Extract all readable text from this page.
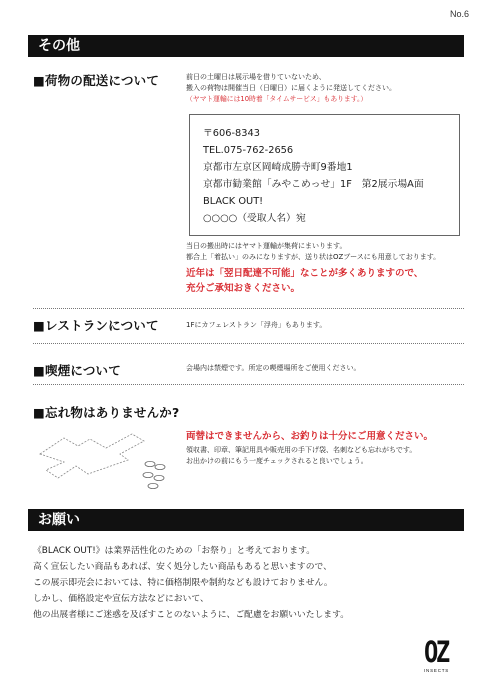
No.6
その他
■荷物の配送について	前日の土曜日は展示場を借りていないため、
搬入の荷物は開催当日（日曜日）に届くように発送してください。
（ヤマト運輸には10時着「タイムサービス」もあります。）
〒606-8343
TEL.075-762-2656
京都市左京区岡崎成勝寺町9番地1
京都市勧業館「みやこめっせ」1F　第2展示場A面
BLACK OUT!
○○○○（受取人名）宛
当日の搬出時にはヤマト運輸が集荷にまいります。
都合上「着払い」のみになりますが、送り状はOZブースにも用意しております。
近年は「翌日配達不可能」なことが多くありますので、
充分ご承知おきください。
■レストランについて	1Fにカフェレストラン「浮舟」もあります。
■喫煙について	会場内は禁煙です。所定の喫煙場所をご使用ください。
■忘れ物はありませんか?
両替はできませんから、お釣りは十分にご用意ください。
領収書、印章、筆記用具や販売用の手下げ袋、名刺なども忘れがちです。
お出かけの前にもう一度チェックされると良いでしょう。
お願い
《BLACK OUT!》は業界活性化のための「お祭り」と考えております。
高く宣伝したい商品もあれば、安く処分したい商品もあると思いますので、
この展示即売会においては、特に価格制限や制約なども設けておりません。
しかし、価格設定や宣伝方法などにおいて、
他の出展者様にご迷惑を及ぼすことのないように、ご配慮をお願いいたします。
OZ
INSECTS
